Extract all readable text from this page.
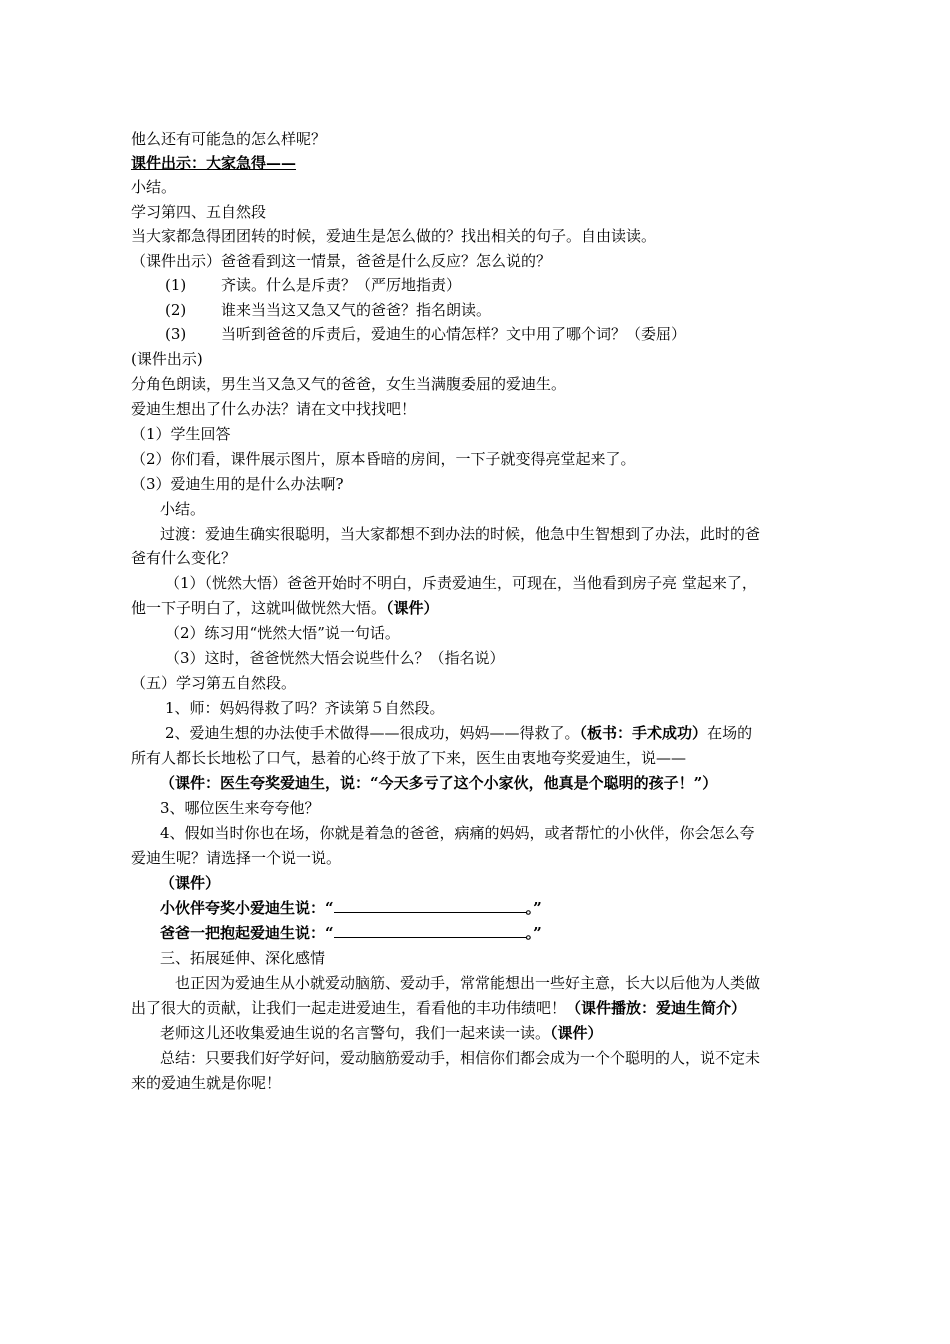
他么还有可能急的怎么样呢？
课件出示：大家急得——
小结。
学习第四、五自然段
当大家都急得团团转的时候，爱迪生是怎么做的？找出相关的句子。自由读读。
（课件出示）爸爸看到这一情景，爸爸是什么反应？怎么说的？
(1) 齐读。什么是斥责？（严厉地指责）
(2) 谁来当当这又急又气的爸爸？指名朗读。
(3) 当听到爸爸的斥责后，爱迪生的心情怎样？文中用了哪个词？（委屈）
(课件出示)
分角色朗读，男生当又急又气的爸爸，女生当满腹委屈的爱迪生。
爱迪生想出了什么办法？请在文中找找吧！
（1）学生回答
（2）你们看，课件展示图片，原本昏暗的房间，一下子就变得亮堂起来了。
（3）爱迪生用的是什么办法啊?
小结。
过渡：爱迪生确实很聪明，当大家都想不到办法的时候，他急中生智想到了办法，此时的爸
爸有什么变化？
（1）（恍然大悟）爸爸开始时不明白，斥责爱迪生，可现在，当他看到房子亮 堂起来了，
他一下子明白了，这就叫做恍然大悟。（课件）
（2）练习用“恍然大悟”说一句话。
（3）这时，爸爸恍然大悟会说些什么？（指名说）
（五）学习第五自然段。
1、师：妈妈得救了吗？齐读第５自然段。
2、爱迪生想的办法使手术做得——很成功，妈妈——得救了。（板书：手术成功）在场的
所有人都长长地松了口气，悬着的心终于放了下来，医生由衷地夸奖爱迪生，说——
（课件：医生夸奖爱迪生，说：“今天多亏了这个小家伙，他真是个聪明的孩子！”）
3、哪位医生来夸夸他？
4、假如当时你也在场，你就是着急的爸爸，病痛的妈妈，或者帮忙的小伙伴，你会怎么夸
爱迪生呢？请选择一个说一说。
（课件）
小伙伴夸奖小爱迪生说：“	。”
爸爸一把抱起爱迪生说：“	。”
三、拓展延伸、深化感情
也正因为爱迪生从小就爱动脑筋、爱动手，常常能想出一些好主意，长大以后他为人类做
出了很大的贡献，让我们一起走进爱迪生，看看他的丰功伟绩吧！（课件播放：爱迪生简介）
老师这儿还收集爱迪生说的名言警句，我们一起来读一读。（课件）
总结：只要我们好学好问，爱动脑筋爱动手，相信你们都会成为一个个聪明的人，说不定未
来的爱迪生就是你呢！
